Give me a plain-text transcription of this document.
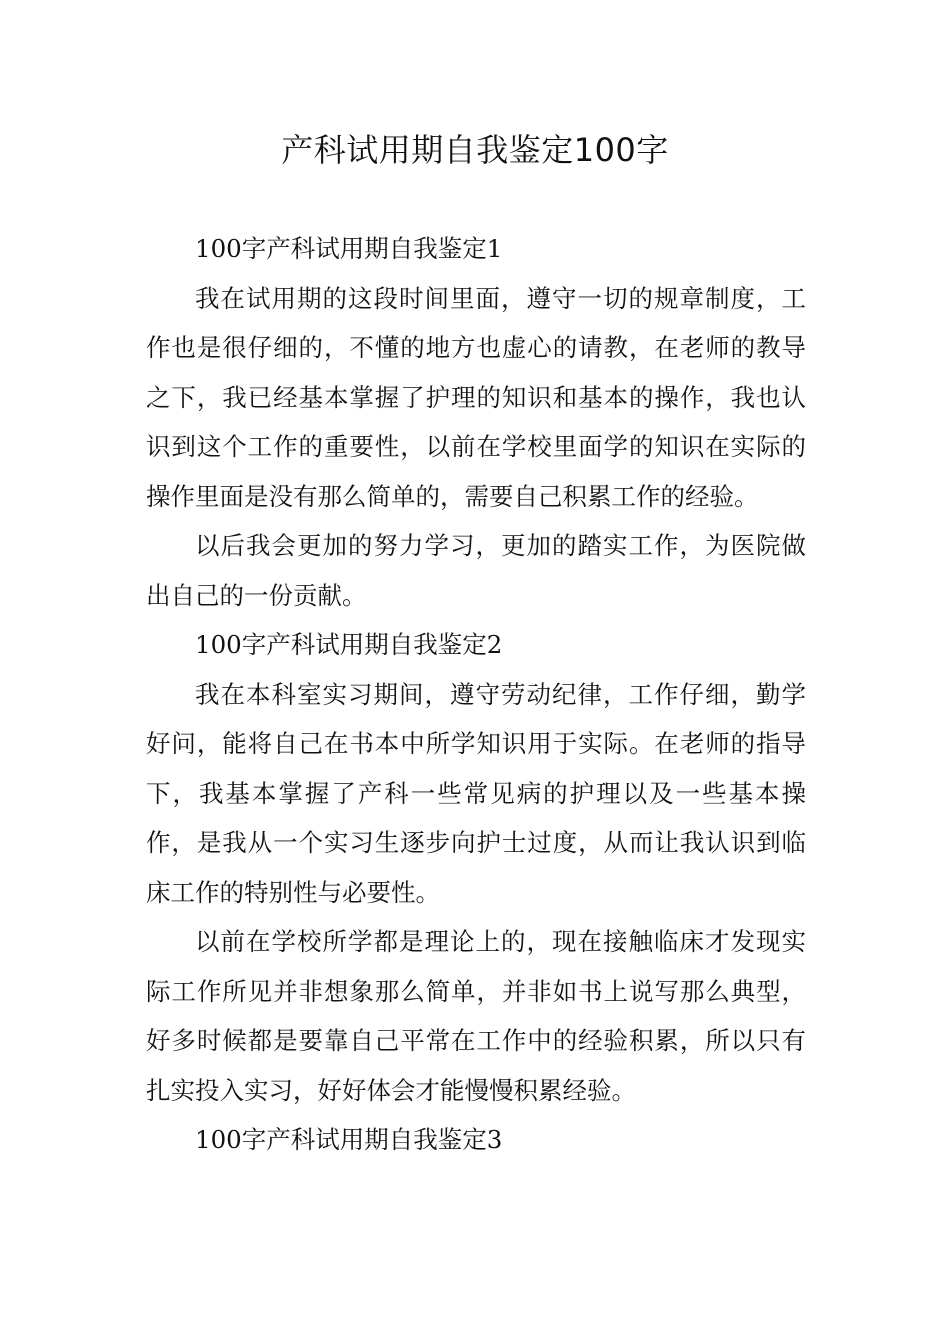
产科试用期自我鉴定100字

100字产科试用期自我鉴定1

我在试用期的这段时间里面，遵守一切的规章制度，工作也是很仔细的，不懂的地方也虚心的请教，在老师的教导之下，我已经基本掌握了护理的知识和基本的操作，我也认识到这个工作的重要性，以前在学校里面学的知识在实际的操作里面是没有那么简单的，需要自己积累工作的经验。

以后我会更加的努力学习，更加的踏实工作，为医院做出自己的一份贡献。

100字产科试用期自我鉴定2

我在本科室实习期间，遵守劳动纪律，工作仔细，勤学好问，能将自己在书本中所学知识用于实际。在老师的指导下，我基本掌握了产科一些常见病的护理以及一些基本操作，是我从一个实习生逐步向护士过度，从而让我认识到临床工作的特别性与必要性。

以前在学校所学都是理论上的，现在接触临床才发现实际工作所见并非想象那么简单，并非如书上说写那么典型，好多时候都是要靠自己平常在工作中的经验积累，所以只有扎实投入实习，好好体会才能慢慢积累经验。

100字产科试用期自我鉴定3
